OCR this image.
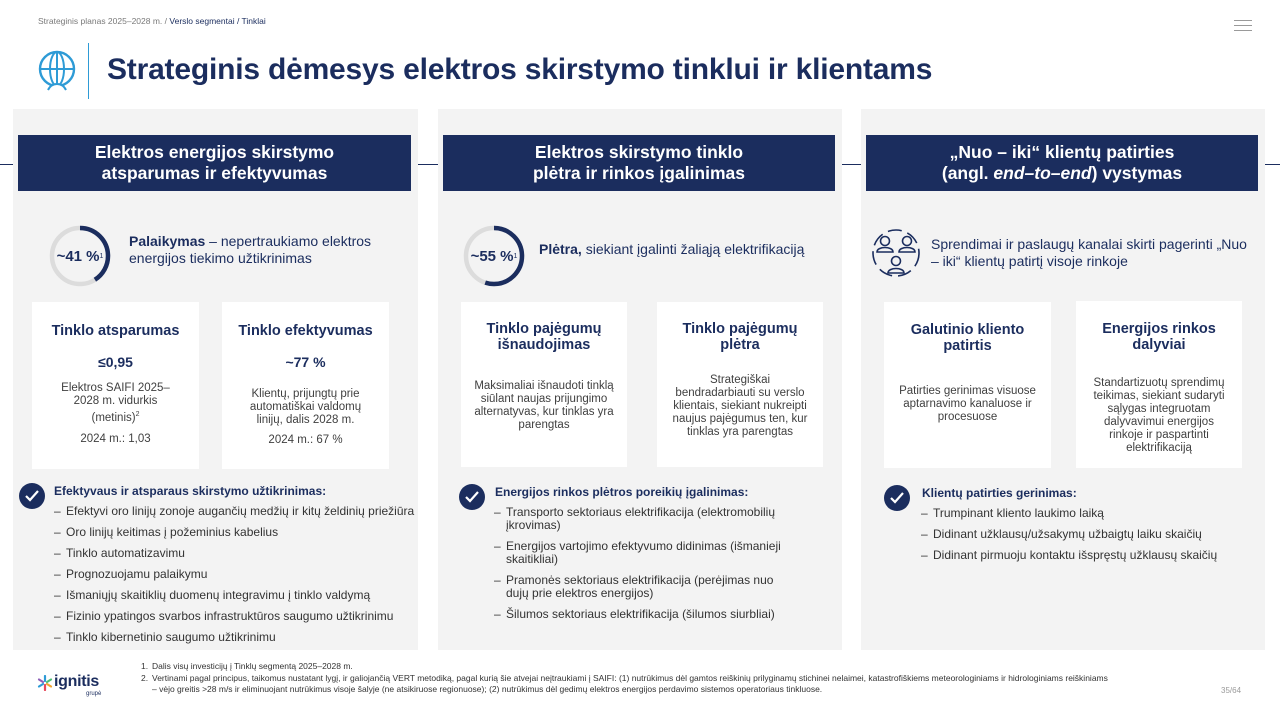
Strateginis planas 2025–2028 m. / Verslo segmentai / Tinklai
Strateginis dėmesys elektros skirstymo tinklui ir klientams
Elektros energijos skirstymo
atsparumas ir efektyvumas
~41 % 1
Palaikymas – nepertraukiamo elektros energijos tiekimo užtikrinimas
Tinklo atsparumas
≤0,95
Elektros SAIFI 2025–2028 m. vidurkis (metinis)$^2$
2024 m.: 1,03
Tinklo efektyvumas
~77 %
Klientų, prijungtų prie automatiškai valdomų linijų, dalis 2028 m.
2024 m.: 67 %
Efektyvaus ir atsparaus skirstymo užtikrinimas:
– Efektyvi oro linijų zonoje augančių medžių ir kitų želdinių priežiūra
– Oro linijų keitimas į požeminius kabelius
– Tinklo automatizavimu
– Prognozuojamu palaikymu
– Išmaniųjų skaitiklių duomenų integravimu į tinklo valdymą
– Fizinio ypatingos svarbos infrastruktūros saugumo užtikrinimu
– Tinklo kibernetinio saugumo užtikrinimu
Elektros skirstymo tinklo
plėtra ir rinkos įgalinimas
~55 % 1 Plėtra, siekiant įgalinti žaliąją elektrifikaciją
Tinklo pajėgumų išnaudojimas
Maksimaliai išnaudoti tinklą siūlant naujas prijungimo alternatyvas, kur tinklas yra parengtas
Tinklo pajėgumų plėtra
Strategiškai bendradarbiauti su verslo klientais, siekiant nukreipti naujus pajėgumus ten, kur tinklas yra parengtas
Energijos rinkos plėtros poreikių įgalinimas:
– Transporto sektoriaus elektrifikacija (elektromobilių įkrovimas)
– Energijos vartojimo efektyvumo didinimas (išmanieji skaitikliai)
– Pramonės sektoriaus elektrifikacija (perėjimas nuo dujų prie elektros energijos)
– Šilumos sektoriaus elektrifikacija (šilumos siurbliai)
„Nuo – iki“ klientų patirties
(angl. end–to–end) vystymas
Sprendimai ir paslaugų kanalai skirti pagerinti „Nuo – iki“ klientų patirtį visoje rinkoje
Galutinio kliento patirtis
Patirties gerinimas visuose aptarnavimo kanaluose ir procesuose
Energijos rinkos dalyviai
Standartizuotų sprendimų teikimas, siekiant sudaryti sąlygas integruotam dalyvavimui energijos rinkoje ir paspartinti elektrifikaciją
Klientų patirties gerinimas:
– Trumpinant kliento laukimo laiką
– Didinant užklausų/užsakymų užbaigtų laiku skaičių
– Didinant pirmuoju kontaktu išspręstų užklausų skaičių
ignitis
grupė
1. Dalis visų investicijų į Tinklų segmentą 2025–2028 m.
2. Vertinami pagal principus, taikomus nustatant lygį, ir galiojančią VERT metodiką, pagal kurią šie atvejai neįtraukiami į SAIFI: (1) nutrūkimus dėl gamtos reiškinių prilyginamų stichinei nelaimei, katastrofiškiems meteorologiniams ir hidrologiniams reiškiniams
– vėjo greitis >28 m/s ir eliminuojant nutrūkimus visoje šalyje (ne atsikiruose regionuose); (2) nutrūkimus dėl gedimų elektros energijos perdavimo sistemos operatoriaus tinkluose.	35/64
